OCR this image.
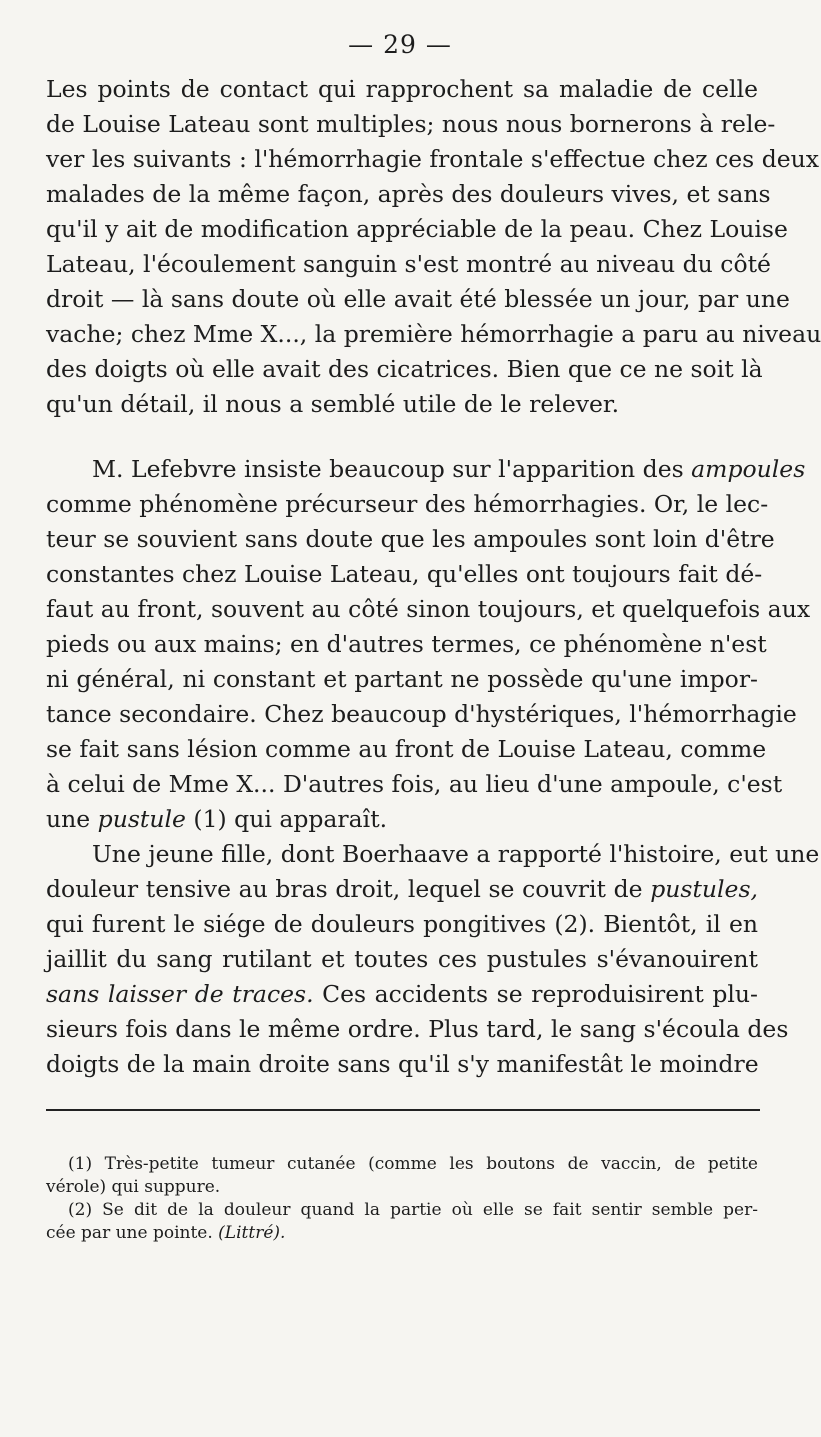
— 29 —
Les points de contact qui rapprochent sa maladie de celle
de Louise Lateau sont multiples; nous nous bornerons à rele-
ver les suivants : l'hémorrhagie frontale s'effectue chez ces deux
malades de la même façon, après des douleurs vives, et sans
qu'il y ait de modification appréciable de la peau. Chez Louise
Lateau, l'écoulement sanguin s'est montré au niveau du côté
droit — là sans doute où elle avait été blessée un jour, par une
vache; chez Mme X..., la première hémorrhagie a paru au niveau
des doigts où elle avait des cicatrices. Bien que ce ne soit là
qu'un détail, il nous a semblé utile de le relever.
M. Lefebvre insiste beaucoup sur l'apparition des ampoules
comme phénomène précurseur des hémorrhagies. Or, le lec-
teur se souvient sans doute que les ampoules sont loin d'être
constantes chez Louise Lateau, qu'elles ont toujours fait dé-
faut au front, souvent au côté sinon toujours, et quelquefois aux
pieds ou aux mains; en d'autres termes, ce phénomène n'est
ni général, ni constant et partant ne possède qu'une impor-
tance secondaire. Chez beaucoup d'hystériques, l'hémorrhagie
se fait sans lésion comme au front de Louise Lateau, comme
à celui de Mme X... D'autres fois, au lieu d'une ampoule, c'est
une pustule (1) qui apparaît.
Une jeune fille, dont Boerhaave a rapporté l'histoire, eut une
douleur tensive au bras droit, lequel se couvrit de pustules,
qui furent le siége de douleurs pongitives (2). Bientôt, il en
jaillit du sang rutilant et toutes ces pustules s'évanouirent
sans laisser de traces. Ces accidents se reproduisirent plu-
sieurs fois dans le même ordre. Plus tard, le sang s'écoula des
doigts de la main droite sans qu'il s'y manifestât le moindre
(1) Très-petite tumeur cutanée (comme les boutons de vaccin, de petite
vérole) qui suppure.
(2) Se dit de la douleur quand la partie où elle se fait sentir semble per-
cée par une pointe. (Littré).
